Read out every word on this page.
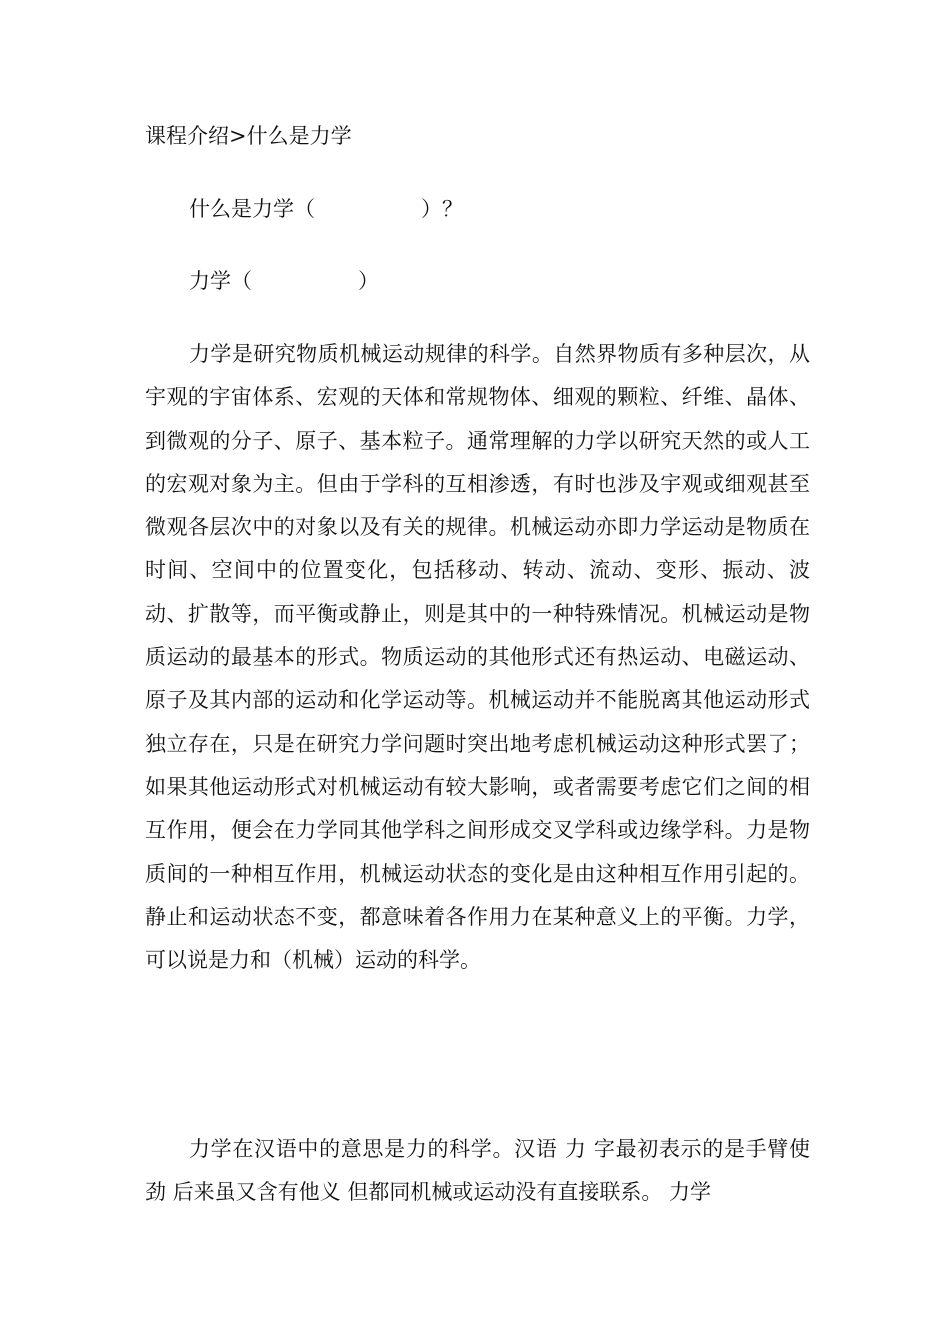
课程介绍>什么是力学
什么是力学（	）？
力学（	）

力学是研究物质机械运动规律的科学。自然界物质有多种层次，从宇观的宇宙体系、宏观的天体和常规物体、细观的颗粒、纤维、晶体、到微观的分子、原子、基本粒子。通常理解的力学以研究天然的或人工的宏观对象为主。但由于学科的互相渗透，有时也涉及宇观或细观甚至微观各层次中的对象以及有关的规律。机械运动亦即力学运动是物质在时间、空间中的位置变化，包括移动、转动、流动、变形、振动、波动、扩散等，而平衡或静止，则是其中的一种特殊情况。机械运动是物质运动的最基本的形式。物质运动的其他形式还有热运动、电磁运动、原子及其内部的运动和化学运动等。机械运动并不能脱离其他运动形式独立存在，只是在研究力学问题时突出地考虑机械运动这种形式罢了；如果其他运动形式对机械运动有较大影响，或者需要考虑它们之间的相互作用，便会在力学同其他学科之间形成交叉学科或边缘学科。力是物质间的一种相互作用，机械运动状态的变化是由这种相互作用引起的。静止和运动状态不变，都意味着各作用力在某种意义上的平衡。力学，可以说是力和（机械）运动的科学。

力学在汉语中的意思是力的科学。汉语 力 字最初表示的是手臂使劲 后来虽又含有他义 但都同机械或运动没有直接联系。 力学
